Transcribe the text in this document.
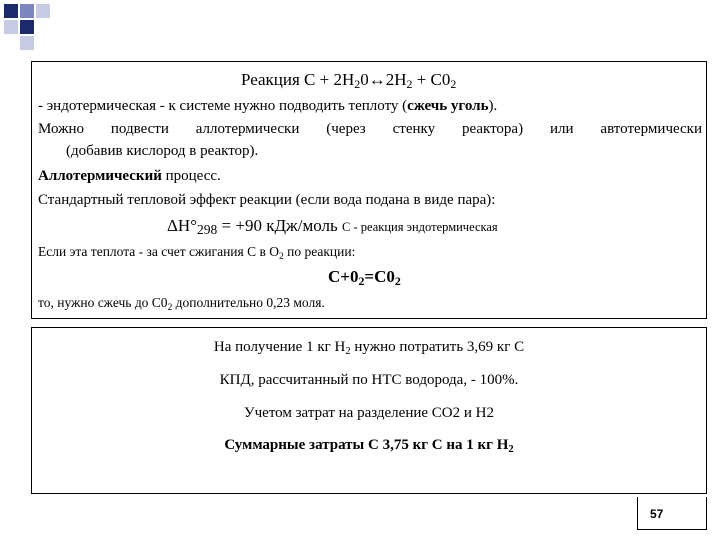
Реакция $С + 2Н_20\leftrightarrow 2Н_2 + С0_2$
- эндотермическая - к системе нужно подводить теплоту (сжечь уголь).
Можно подвести аллотермически (через стенку реактора) или автотермически
(добавив кислород в реактор).
Аллотермический процесс.
Стандартный тепловой эффект реакции (если вода подана в виде пара):
$\Delta Н^\circ_{298} = +90$ кДж/моль С - реакция эндотермическая
Если эта теплота - за счет сжигания С в $О_2$ по реакции:
$С+0_2=С0_2$
то, нужно сжечь до $С0_2$ дополнительно 0,23 моля.
На получение 1 кг $Н_2$ нужно потратить 3,69 кг С
КПД, рассчитанный по НТС водорода, - 100%.
Учетом затрат на разделение СО2 и Н2
Суммарные затраты С 3,75 кг С на 1 кг $Н_2$
57
